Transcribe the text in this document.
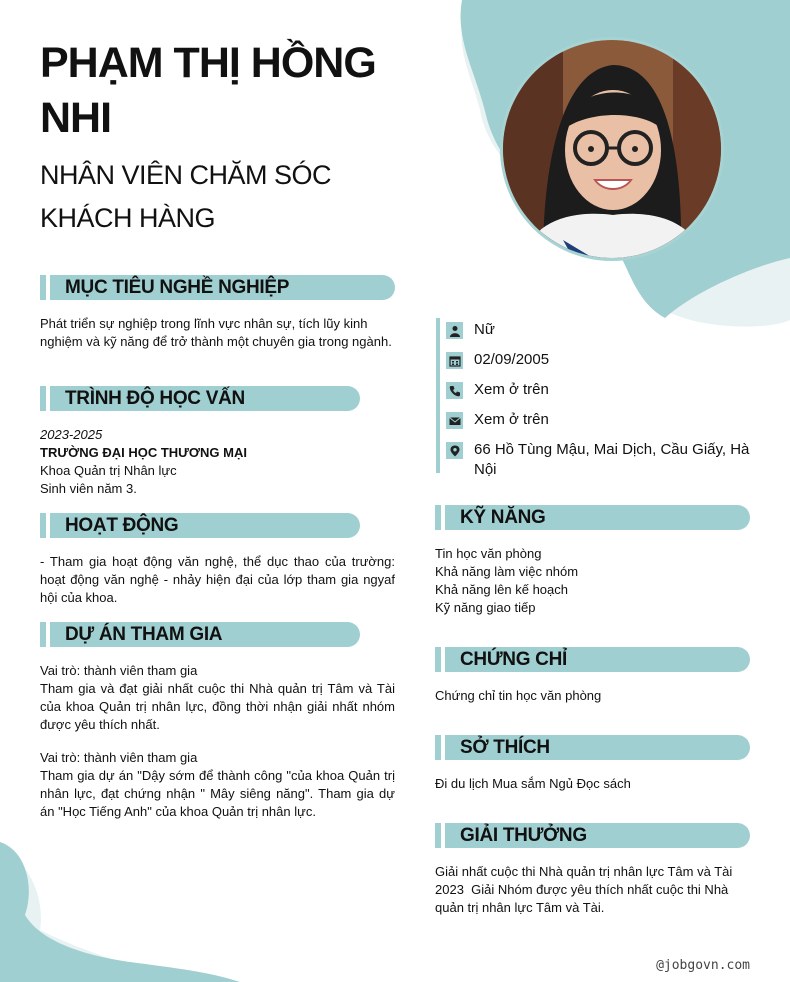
PHẠM THỊ HỒNG NHI

NHÂN VIÊN CHĂM SÓC KHÁCH HÀNG

MỤC TIÊU NGHỀ NGHIỆP

Phát triển sự nghiệp trong lĩnh vực nhân sự, tích lũy kinh nghiệm và kỹ năng để trở thành một chuyên gia trong ngành.

TRÌNH ĐỘ HỌC VẤN
2023-2025
TRƯỜNG ĐẠI HỌC THƯƠNG MẠI
Khoa Quản trị Nhân lực
Sinh viên năm 3.
HOẠT ĐỘNG

- Tham gia hoạt động văn nghệ, thể dục thao của trường: hoạt động văn nghệ - nhảy hiện đại của lớp tham gia ngyaf hội của khoa.

DỰ ÁN THAM GIA
Vai trò: thành viên tham gia
Tham gia và đạt giải nhất cuộc thi Nhà quản trị Tâm và Tài của khoa Quản trị nhân lực, đồng thời nhận giải nhất nhóm được yêu thích nhất.
Vai trò: thành viên tham gia
Tham gia dự án "Dậy sớm để thành công "của khoa Quản trị nhân lực, đạt chứng nhận " Mây siêng năng". Tham gia dự án "Học Tiếng Anh" của khoa Quản trị nhân lực.
Nữ
02/09/2005
Xem ở trên
Xem ở trên
66 Hồ Tùng Mậu, Mai Dịch, Cầu Giấy, Hà Nội
KỸ NĂNG
Tin học văn phòng
Khả năng làm việc nhóm
Khả năng lên kế hoạch
Kỹ năng giao tiếp
CHỨNG CHỈ

Chứng chỉ tin học văn phòng

SỞ THÍCH

Đi du lịch Mua sắm Ngủ Đọc sách

GIẢI THƯỞNG

Giải nhất cuộc thi Nhà quản trị nhân lực Tâm và Tài 2023  Giải Nhóm được yêu thích nhất cuộc thi Nhà quản trị nhân lực Tâm và Tài.

@jobgovn.com
